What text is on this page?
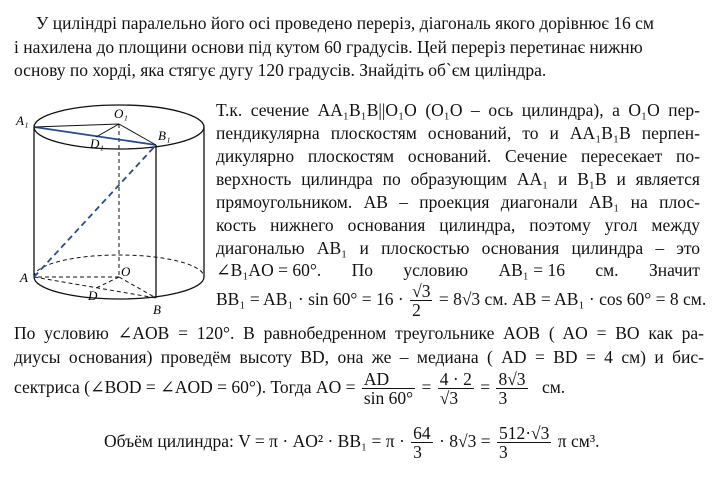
У циліндрі паралельно його осі проведено переріз, діагональ якого дорівнює 16 см
і нахилена до площини основи під кутом 60 градусів. Цей переріз перетинає нижню
основу по хорді, яка стягує дугу 120 градусів. Знайдіть об`єм циліндра.
A₁	O₁
D₁
B₁
A	O
D
B
Т.к. сечение AA₁B₁B||O₁O (O₁O – ось цилиндра), а O₁O пер-
пендикулярна плоскостям оснований, то и AA₁B₁B перпен-
дикулярно плоскостям оснований. Сечение пересекает по-
верхность цилиндра по образующим AA₁ и B₁B и является
прямоугольником. AB – проекция диагонали AB₁ на плос-
кость нижнего основания цилиндра, поэтому угол между
диагональю AB₁ и плоскостью основания цилиндра – это
∠B₁AO = 60°. По условию AB₁ = 16 см. Значит
$BB_1 = AB_1 \cdot \sin 60^\circ = 16 \cdot \frac{√3}{2} = 8√3$ см. AB = AB₁ · cos 60° = 8 см.
По условию ∠AOB = 120°. В равнобедренном треугольнике AOB ( AO = BO как ра-
диусы основания) проведём высоту BD, она же – медиана ( AD = BD = 4 см) и бис-
сектриса (∠BOD = ∠AOD = 60°). Тогда AO = $\frac{AD}{\sin 60^\circ} = \frac{4 \cdot 2}{√3} = \frac{8√3}{3}$ см.
Объём цилиндра: $V = \pi \cdot AO^2 \cdot BB_1 = \pi \cdot \frac{64}{3} \cdot 8√3 = \frac{512\cdot√3}{3}$ π см³.
